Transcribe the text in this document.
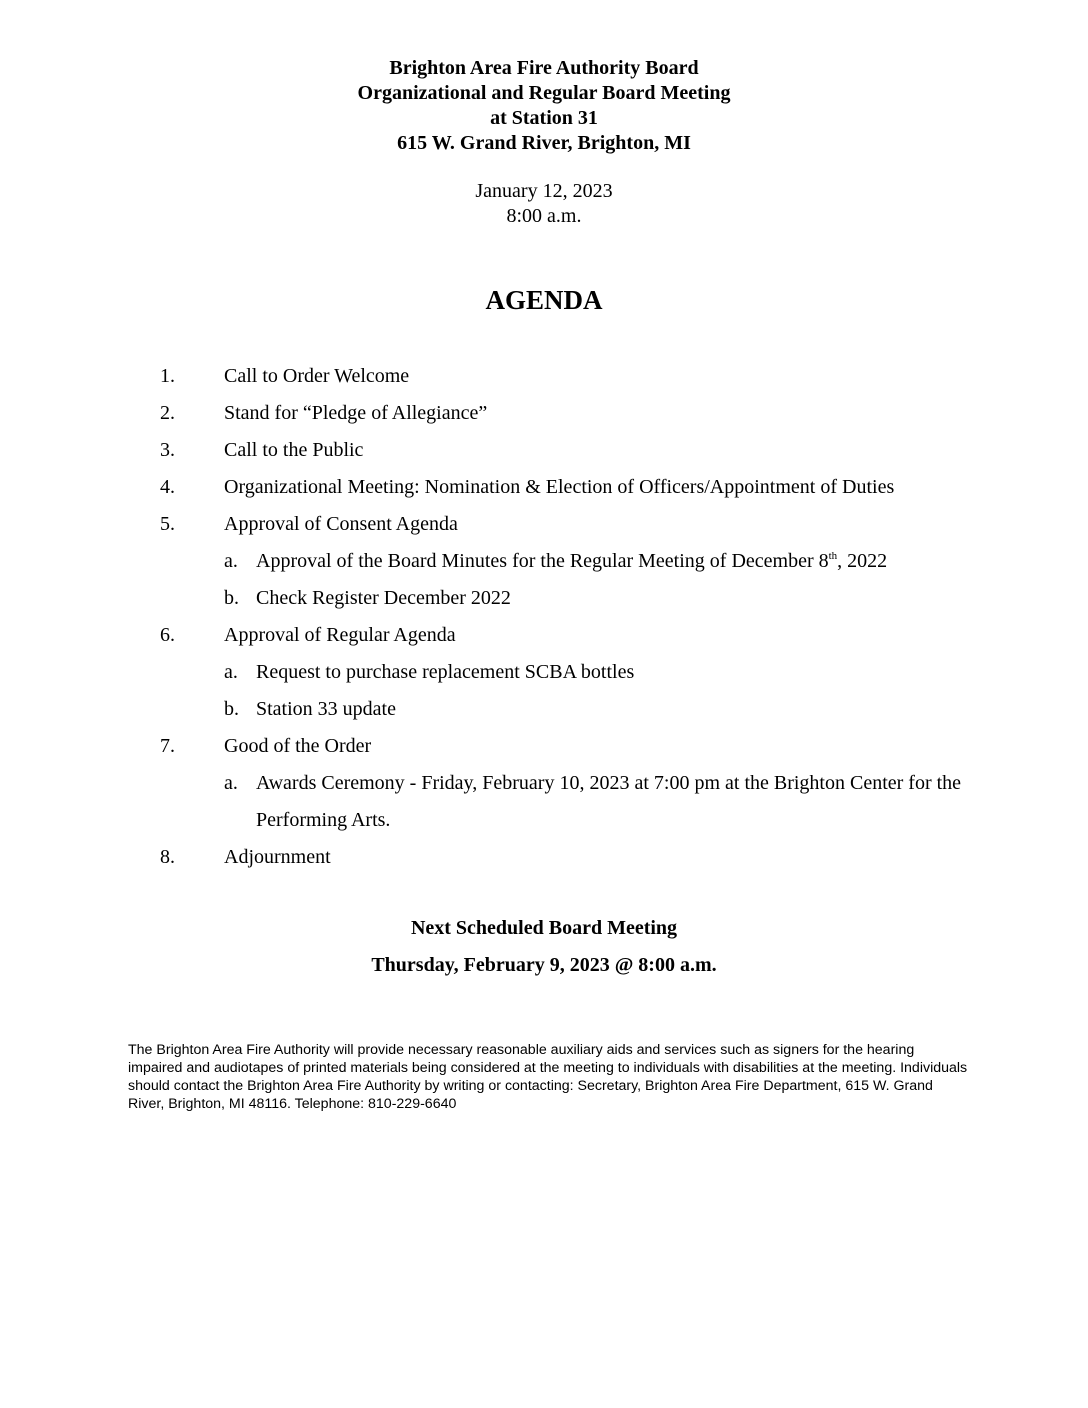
Brighton Area Fire Authority Board
Organizational and Regular Board Meeting
at Station 31
615 W. Grand River, Brighton, MI
January 12, 2023
8:00 a.m.
AGENDA
1. Call to Order Welcome
2. Stand for “Pledge of Allegiance”
3. Call to the Public
4. Organizational Meeting: Nomination & Election of Officers/Appointment of Duties
5. Approval of Consent Agenda
a. Approval of the Board Minutes for the Regular Meeting of December 8th, 2022
b. Check Register December 2022
6. Approval of Regular Agenda
a. Request to purchase replacement SCBA bottles
b. Station 33 update
7. Good of the Order
a. Awards Ceremony - Friday, February 10, 2023 at 7:00 pm at the Brighton Center for the Performing Arts.
8. Adjournment
Next Scheduled Board Meeting
Thursday, February 9, 2023 @ 8:00 a.m.
The Brighton Area Fire Authority will provide necessary reasonable auxiliary aids and services such as signers for the hearing impaired and audiotapes of printed materials being considered at the meeting to individuals with disabilities at the meeting. Individuals should contact the Brighton Area Fire Authority by writing or contacting: Secretary, Brighton Area Fire Department, 615 W. Grand River, Brighton, MI 48116. Telephone: 810-229-6640
